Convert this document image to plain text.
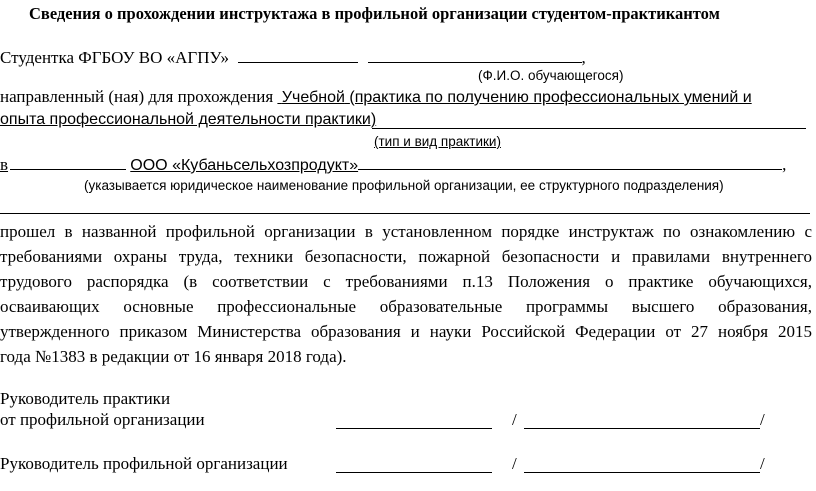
Сведения о прохождении инструктажа в профильной организации студентом-практикантом
Студентка ФГБОУ ВО «АГПУ»	,
(Ф.И.О. обучающегося)
направленный (ная) для прохождения Учебной (практика по получению профессиональных умений и
опыта профессиональной деятельности практики)
(тип и вид практики)
в	ООО «Кубаньсельхозпродукт»	,
(указывается юридическое наименование профильной организации, ее структурного подразделения)
прошел в названной профильной организации в установленном порядке инструктаж по ознакомлению с
требованиями охраны труда, техники безопасности, пожарной безопасности и правилами внутреннего
трудового распорядка (в соответствии с требованиями п.13 Положения о практике обучающихся,
осваивающих основные профессиональные образовательные программы высшего образования,
утвержденного приказом Министерства образования и науки Российской Федерации от 27 ноября 2015
года №1383 в редакции от 16 января 2018 года).
Руководитель практики
от профильной организации	/	/
Руководитель профильной организации	/	/
